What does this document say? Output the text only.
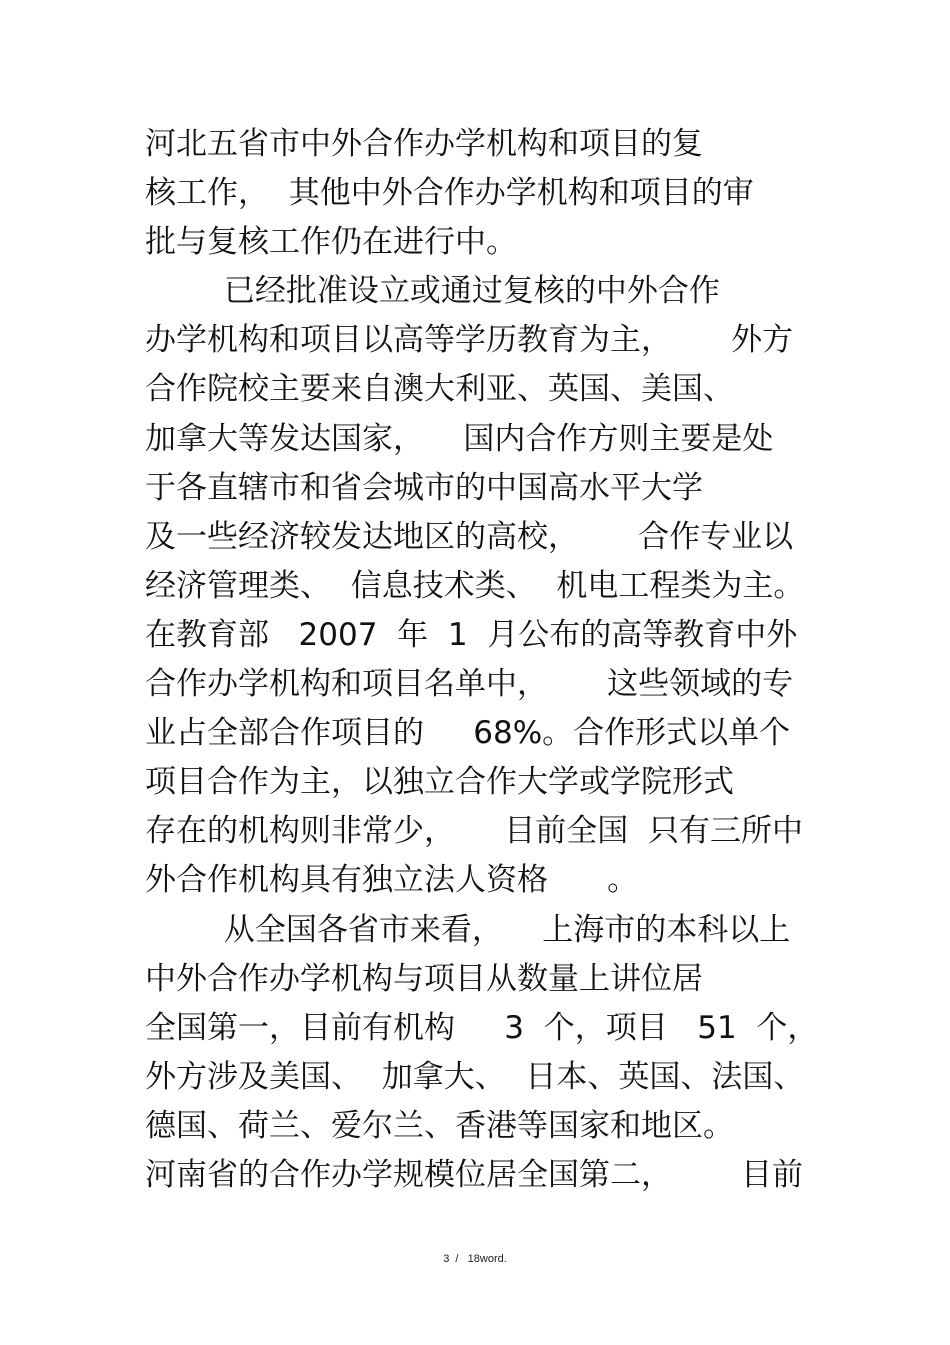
河北五省市中外合作办学机构和项目的复
核工作，  其他中外合作办学机构和项目的审
批与复核工作仍在进行中。
已经批准设立或通过复核的中外合作
办学机构和项目以高等学历教育为主，      外方
合作院校主要来自澳大利亚、英国、美国、
加拿大等发达国家，    国内合作方则主要是处
于各直辖市和省会城市的中国高水平大学
及一些经济较发达地区的高校，      合作专业以
经济管理类、  信息技术类、  机电工程类为主。
在教育部   2007  年  1  月公布的高等教育中外
合作办学机构和项目名单中，      这些领域的专
业占全部合作项目的     68%。合作形式以单个
项目合作为主，以独立合作大学或学院形式
存在的机构则非常少，     目前全国  只有三所中
外合作机构具有独立法人资格      。
从全国各省市来看，    上海市的本科以上
中外合作办学机构与项目从数量上讲位居
全国第一，目前有机构     3  个，项目   51  个，
外方涉及美国、  加拿大、  日本、英国、法国、
德国、荷兰、爱尔兰、香港等国家和地区。
河南省的合作办学规模位居全国第二，       目前
3  /   18word.
